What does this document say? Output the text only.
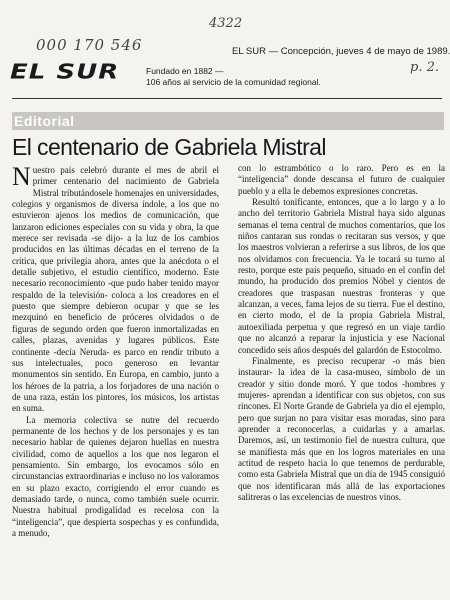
000 170 546
4322
p. 2.
EL SUR — Concepción, jueves 4 de mayo de 1989.
EL SUR	Fundado en 1882 —
106 años al servicio de la comunidad regional.
Editorial
El centenario de Gabriela Mistral

Nuestro país celebró durante el mes de abril el primer centenario del nacimiento de Gabriela Mistral tributándosele homenajes en universidades, colegios y organismos de diversa índole, a los que no estuvieron ajenos los medios de comunicación, que lanzaron ediciones especiales con su vida y obra, la que merece ser revisada -se dijo- a la luz de los cambios producidos en las últimas décadas en el terreno de la crítica, que privilegia ahora, antes que la anécdota o el detalle subjetivo, el estudio científico, moderno. Este necesario reconocimiento -que pudo haber tenido mayor respaldo de la televisión- coloca a los creadores en el puesto que siempre debieron ocupar y que se les mezquinó en beneficio de próceres olvidados o de figuras de segundo orden que fueron inmortalizadas en calles, plazas, avenidas y lugares públicos. Este continente -decía Neruda- es parco en rendir tributo a sus intelectuales, poco generoso en levantar monumentos sin sentido. En Europa, en cambio, junto a los héroes de la patria, a los forjadores de una nación o de una raza, están los pintores, los músicos, los artistas en suma.

La memoria colectiva se nutre del recuerdo permanente de los hechos y de los personajes y es tan necesario hablar de quienes dejaron huellas en nuestra civilidad, como de aquellos a los que nos legaron el pensamiento. Sin embargo, los evocamos sólo en circunstancias extraordinarias e incluso no los valoramos en su plazo exacto, corrigiendo el error cuando es demasiado tarde, o nunca, como también suele ocurrir. Nuestra habitual prodigalidad es recelosa con la “inteligencia”, que despierta sospechas y es confundida, a menudo,

con lo estrambótico o lo raro. Pero es en la “inteligencia” donde descansa el futuro de cualquier pueblo y a ella le debemos expresiones concretas.

Resultó tonificante, entonces, que a lo largo y a lo ancho del territorio Gabriela Mistral haya sido algunas semanas el tema central de muchos comentarios, que los niños cantaran sus rondas o recitaran sus versos, y que los maestros volvieran a referirse a sus libros, de los que nos olvidamos con frecuencia. Ya le tocará su turno al resto, porque este país pequeño, situado en el confín del mundo, ha producido dos premios Nóbel y cientos de creadores que traspasan nuestras fronteras y que alcanzan, a veces, fama lejos de su tierra. Fue el destino, en cierto modo, el de la propia Gabriela Mistral, autoexiliada perpetua y que regresó en un viaje tardío que no alcanzó a reparar la injusticia y ese Nacional concedido seis años después del galardón de Estocolmo.

Finalmente, es preciso recuperar -o más bien instaurar- la idea de la casa-museo, símbolo de un creador y sitio donde moró. Y que todos -hombres y mujeres- aprendan a identificar con sus objetos, con sus rincones. El Norte Grande de Gabriela ya dio el ejemplo, pero que surjan no para visitar esas moradas, sino para aprender a reconocerlas, a cuidarlas y a amarlas. Daremos, así, un testimonio fiel de nuestra cultura, que se manifiesta más que en los logros materiales en una actitud de respeto hacia lo que tenemos de perdurable, como esta Gabriela Mistral que un día de 1945 consiguió que nos identificaran más allá de las exportaciones salitreras o las excelencias de nuestros vinos.
